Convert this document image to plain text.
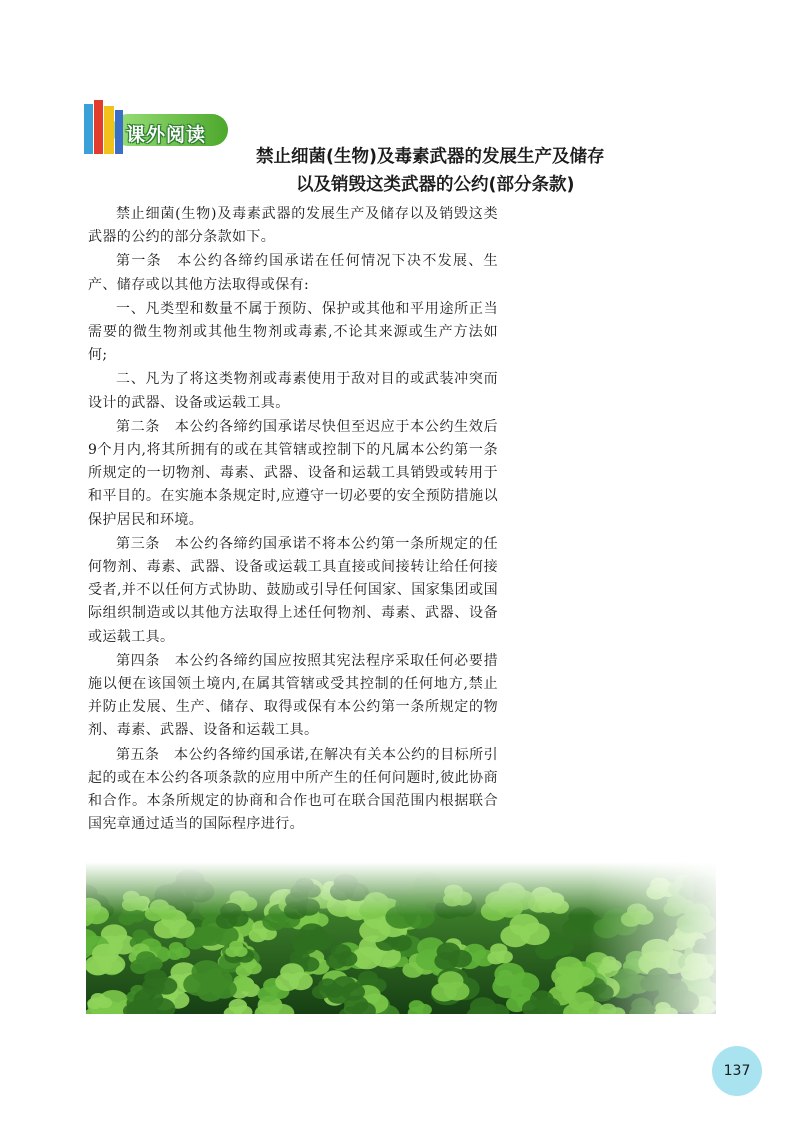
课外阅读
禁止细菌(生物)及毒素武器的发展生产及储存
以及销毁这类武器的公约(部分条款)

禁止细菌(生物)及毒素武器的发展生产及储存以及销毁这类武器的公约的部分条款如下。

第一条　本公约各缔约国承诺在任何情况下决不发展、生产、储存或以其他方法取得或保有:

一、凡类型和数量不属于预防、保护或其他和平用途所正当需要的微生物剂或其他生物剂或毒素,不论其来源或生产方法如何;

二、凡为了将这类物剂或毒素使用于敌对目的或武装冲突而设计的武器、设备或运载工具。

第二条　本公约各缔约国承诺尽快但至迟应于本公约生效后9个月内,将其所拥有的或在其管辖或控制下的凡属本公约第一条所规定的一切物剂、毒素、武器、设备和运载工具销毁或转用于和平目的。在实施本条规定时,应遵守一切必要的安全预防措施以保护居民和环境。

第三条　本公约各缔约国承诺不将本公约第一条所规定的任何物剂、毒素、武器、设备或运载工具直接或间接转让给任何接受者,并不以任何方式协助、鼓励或引导任何国家、国家集团或国际组织制造或以其他方法取得上述任何物剂、毒素、武器、设备或运载工具。

第四条　本公约各缔约国应按照其宪法程序采取任何必要措施以便在该国领土境内,在属其管辖或受其控制的任何地方,禁止并防止发展、生产、储存、取得或保有本公约第一条所规定的物剂、毒素、武器、设备和运载工具。

第五条　本公约各缔约国承诺,在解决有关本公约的目标所引起的或在本公约各项条款的应用中所产生的任何问题时,彼此协商和合作。本条所规定的协商和合作也可在联合国范围内根据联合国宪章通过适当的国际程序进行。

137
